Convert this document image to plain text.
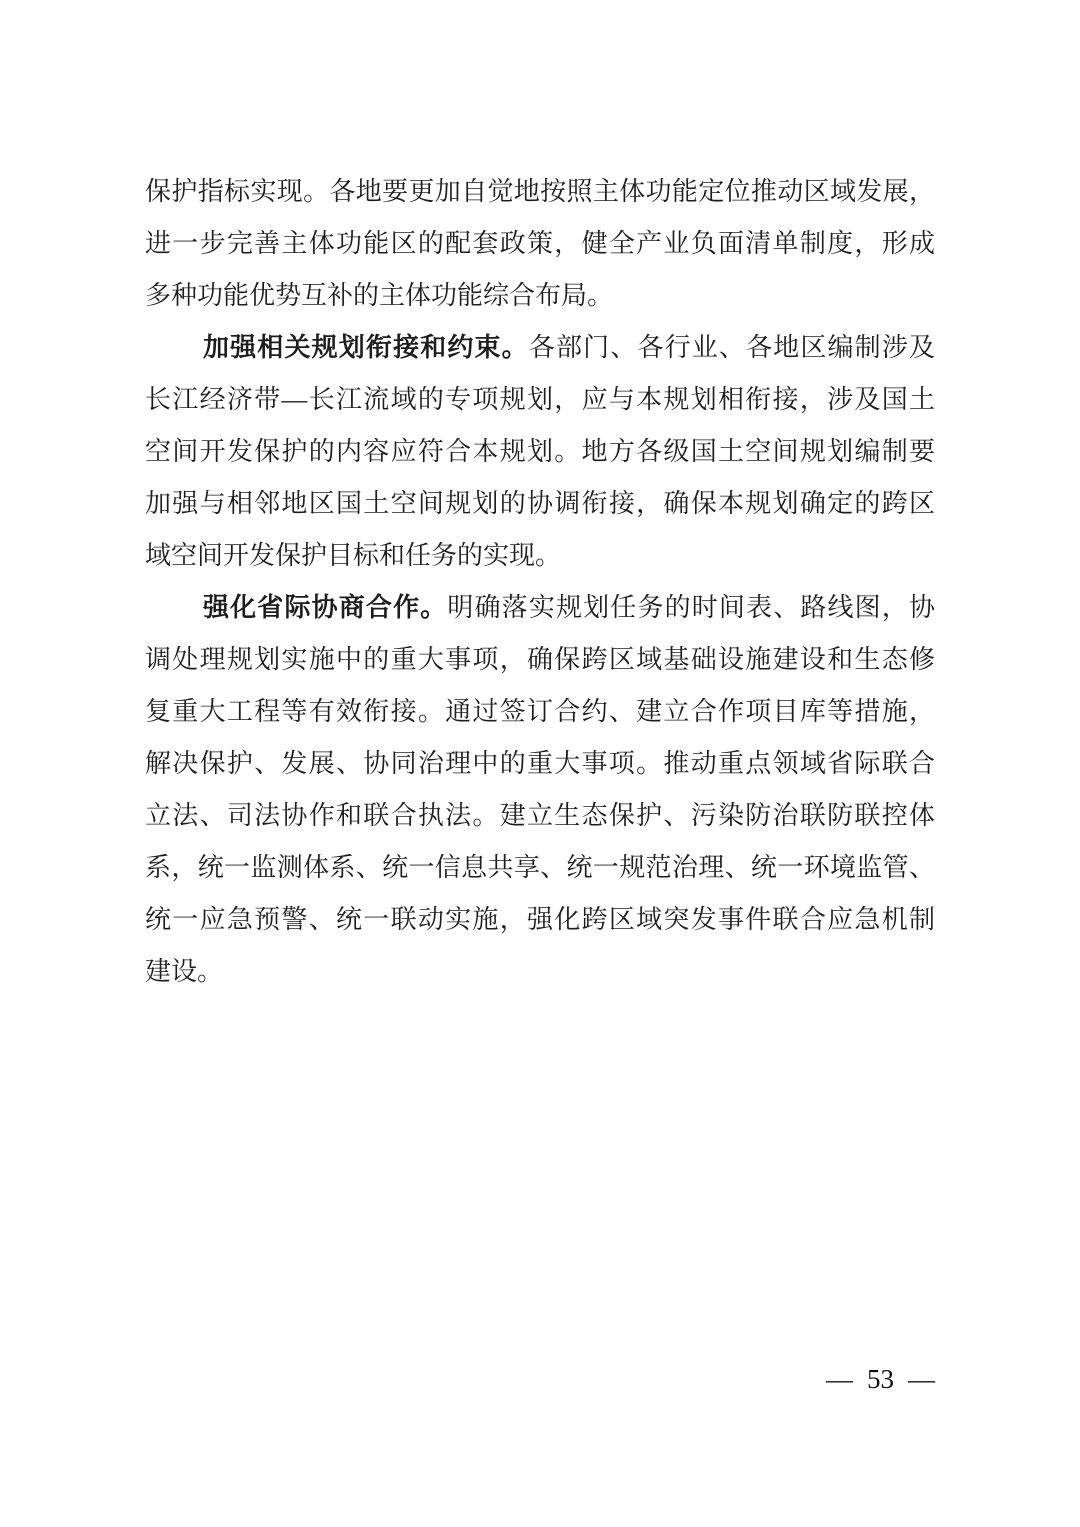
保护指标实现。各地要更加自觉地按照主体功能定位推动区域发展，
进一步完善主体功能区的配套政策，健全产业负面清单制度，形成
多种功能优势互补的主体功能综合布局。
加强相关规划衔接和约束。各部门、各行业、各地区编制涉及
长江经济带—长江流域的专项规划，应与本规划相衔接，涉及国土
空间开发保护的内容应符合本规划。地方各级国土空间规划编制要
加强与相邻地区国土空间规划的协调衔接，确保本规划确定的跨区
域空间开发保护目标和任务的实现。
强化省际协商合作。明确落实规划任务的时间表、路线图，协
调处理规划实施中的重大事项，确保跨区域基础设施建设和生态修
复重大工程等有效衔接。通过签订合约、建立合作项目库等措施，
解决保护、发展、协同治理中的重大事项。推动重点领域省际联合
立法、司法协作和联合执法。建立生态保护、污染防治联防联控体
系，统一监测体系、统一信息共享、统一规范治理、统一环境监管、
统一应急预警、统一联动实施，强化跨区域突发事件联合应急机制
建设。
— 53 —
